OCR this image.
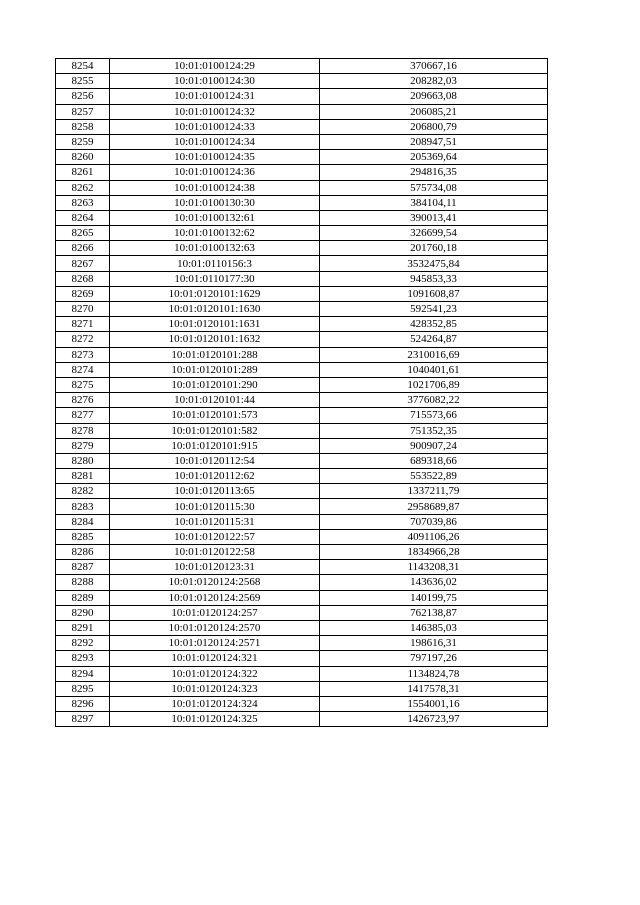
8254	10:01:0100124:29	370667,16
8255	10:01:0100124:30	208282,03
8256	10:01:0100124:31	209663,08
8257	10:01:0100124:32	206085,21
8258	10:01:0100124:33	206800,79
8259	10:01:0100124:34	208947,51
8260	10:01:0100124:35	205369,64
8261	10:01:0100124:36	294816,35
8262	10:01:0100124:38	575734,08
8263	10:01:0100130:30	384104,11
8264	10:01:0100132:61	390013,41
8265	10:01:0100132:62	326699,54
8266	10:01:0100132:63	201760,18
8267	10:01:0110156:3	3532475,84
8268	10:01:0110177:30	945853,33
8269	10:01:0120101:1629	1091608,87
8270	10:01:0120101:1630	592541,23
8271	10:01:0120101:1631	428352,85
8272	10:01:0120101:1632	524264,87
8273	10:01:0120101:288	2310016,69
8274	10:01:0120101:289	1040401,61
8275	10:01:0120101:290	1021706,89
8276	10:01:0120101:44	3776082,22
8277	10:01:0120101:573	715573,66
8278	10:01:0120101:582	751352,35
8279	10:01:0120101:915	900907,24
8280	10:01:0120112:54	689318,66
8281	10:01:0120112:62	553522,89
8282	10:01:0120113:65	1337211,79
8283	10:01:0120115:30	2958689,87
8284	10:01:0120115:31	707039,86
8285	10:01:0120122:57	4091106,26
8286	10:01:0120122:58	1834966,28
8287	10:01:0120123:31	1143208,31
8288	10:01:0120124:2568	143636,02
8289	10:01:0120124:2569	140199,75
8290	10:01:0120124:257	762138,87
8291	10:01:0120124:2570	146385,03
8292	10:01:0120124:2571	198616,31
8293	10:01:0120124:321	797197,26
8294	10:01:0120124:322	1134824,78
8295	10:01:0120124:323	1417578,31
8296	10:01:0120124:324	1554001,16
8297	10:01:0120124:325	1426723,97
